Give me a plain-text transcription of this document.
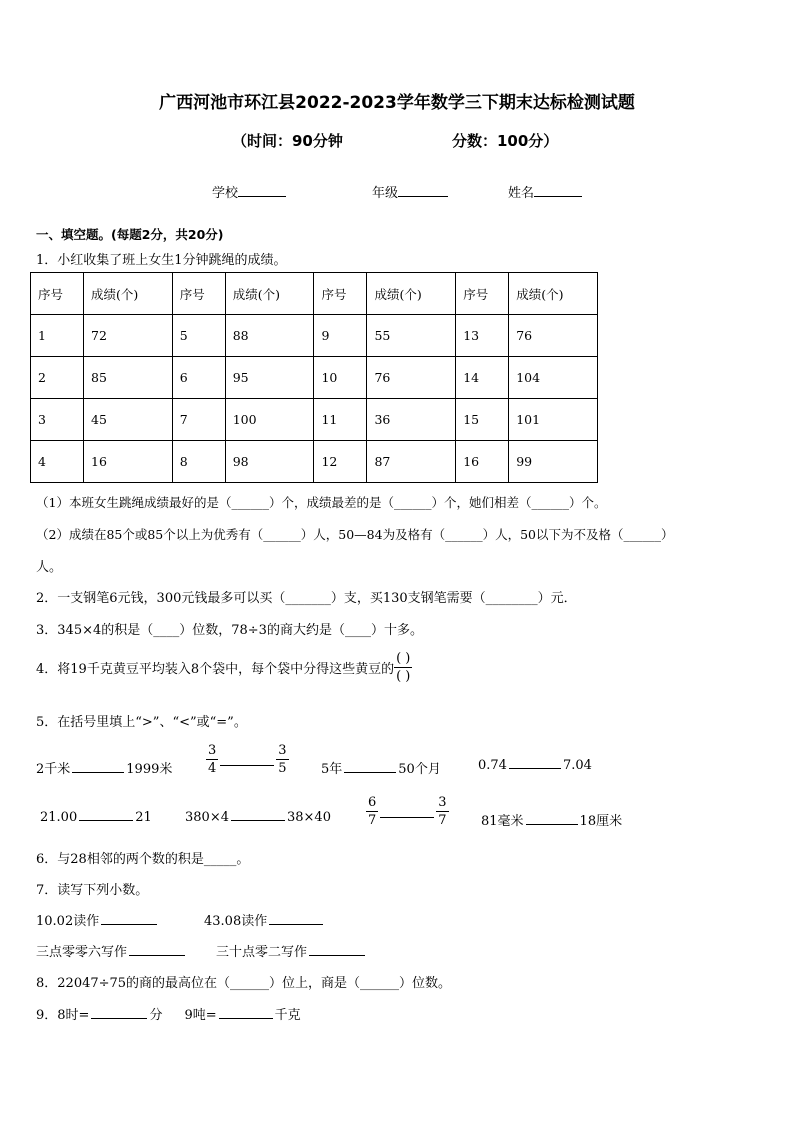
广西河池市环江县2022-2023学年数学三下期末达标检测试题
（时间：90分钟	分数：100分）
学校	年级	姓名
一、填空题。(每题2分，共20分)
1．小红收集了班上女生1分钟跳绳的成绩。
序号	成绩(个)	序号	成绩(个)	序号	成绩(个)	序号	成绩(个)
1	72	5	88	9	55	13	76
2	85	6	95	10	76	14	104
3	45	7	100	11	36	15	101
4	16	8	98	12	87	16	99
（1）本班女生跳绳成绩最好的是（______）个，成绩最差的是（______）个，她们相差（______）个。
（2）成绩在85个或85个以上为优秀有（______）人，50—84为及格有（______）人，50以下为不及格（______）
人。
2．一支钢笔6元钱，300元钱最多可以买（_______）支，买130支钢笔需要（________）元．
3．345×4的积是（____）位数，78÷3的商大约是（____）十多。
4．将19千克黄豆平均装入8个袋中，每个袋中分得这些黄豆的 $\frac{( )}{( )}$
5．在括号里填上“>”、“<”或“=”。
2千米	1999米	$\frac{3}{4}$	$\frac{3}{5} 5$年	50个月	0.74	7.04
21.00	21	380×4	38×40	$\frac{6}{7}$	$\frac{3}{7} 81$毫米	18厘米
6．与28相邻的两个数的积是_____。
7．读写下列小数。
10.02读作	43.08读作
三点零零六写作	三十点零二写作
8．22047÷75的商的最高位在（______）位上，商是（______）位数。
9．8时=	分 9吨=	千克
